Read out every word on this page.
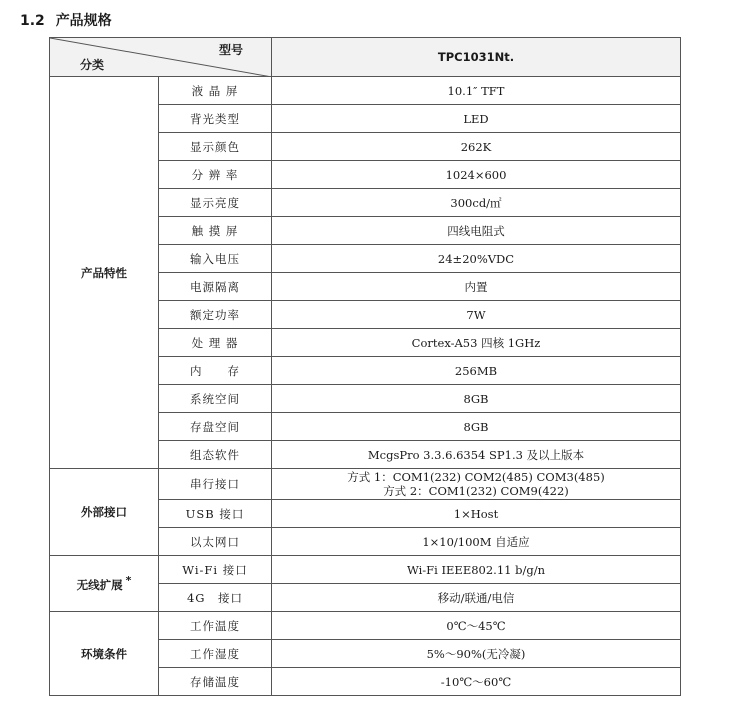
1.2 产品规格
型号
分类		TPC1031Nt.
产品特性	液 晶 屏	10.1″ TFT
	背光类型	LED
	显示颜色	262K
	分 辨 率	1024×600
	显示亮度	300cd/㎡
	触 摸 屏	四线电阻式
	输入电压	24±20%VDC
	电源隔离	内置
	额定功率	7W
	处 理 器	Cortex-A53 四核 1GHz
	内　　存	256MB
	系统空间	8GB
	存盘空间	8GB
	组态软件	McgsPro 3.3.6.6354 SP1.3 及以上版本
外部接口	串行接口	方式 1：COM1(232) COM2(485) COM3(485)
方式 2：COM1(232) COM9(422)

	USB 接口	1×Host
	以太网口	1×10/100M 自适应
无线扩展 *	Wi-Fi 接口	Wi-Fi IEEE802.11 b/g/n
	4G　接口	移动/联通/电信
环境条件	工作温度	0℃～45℃
	工作湿度	5%～90%(无冷凝)
	存储温度	-10℃～60℃
